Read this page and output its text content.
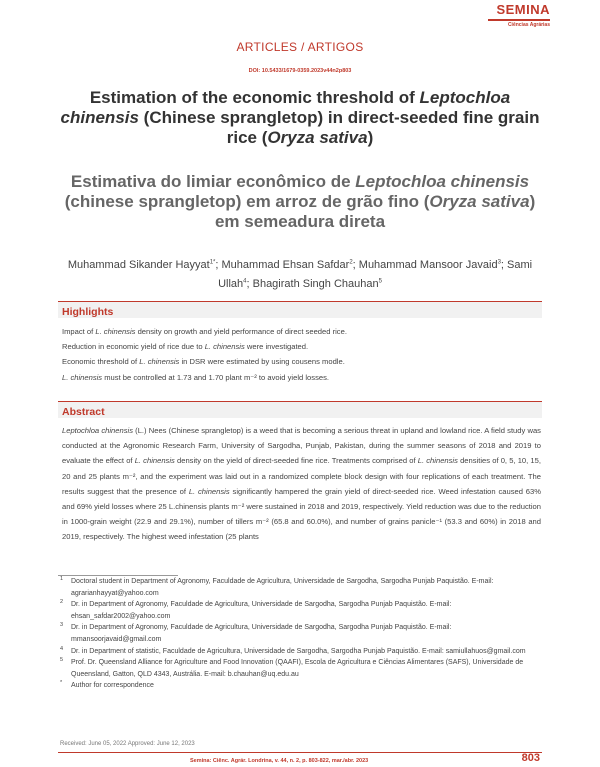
SEMINA
Ciências Agrárias
ARTICLES / ARTIGOS
DOI: 10.5433/1679-0359.2023v44n2p803
Estimation of the economic threshold of Leptochloa chinensis (Chinese sprangletop) in direct-seeded fine grain rice (Oryza sativa)
Estimativa do limiar econômico de Leptochloa chinensis (chinese sprangletop) em arroz de grão fino (Oryza sativa) em semeadura direta
Muhammad Sikander Hayyat$^{1*}$; Muhammad Ehsan Safdar$^2$; Muhammad Mansoor Javaid$^3$; Sami Ullah$^4$; Bhagirath Singh Chauhan$^5$
Highlights
Impact of L. chinensis density on growth and yield performance of direct seeded rice.
Reduction in economic yield of rice due to L. chinensis were investigated.
Economic threshold of L. chinensis in DSR were estimated by using cousens modle.
L. chinensis must be controlled at 1.73 and 1.70 plant m⁻² to avoid yield losses.
Abstract
Leptochloa chinensis (L.) Nees (Chinese sprangletop) is a weed that is becoming a serious threat in upland and lowland rice. A field study was conducted at the Agronomic Research Farm, University of Sargodha, Punjab, Pakistan, during the summer seasons of 2018 and 2019 to evaluate the effect of L. chinensis density on the yield of direct-seeded fine rice. Treatments comprised of L. chinensis densities of 0, 5, 10, 15, 20 and 25 plants m⁻², and the experiment was laid out in a randomized complete block design with four replications of each treatment. The results suggest that the presence of L. chinensis significantly hampered the grain yield of direct-seeded rice. Weed infestation caused 63% and 69% yield losses where 25 L.chinensis plants m⁻² were sustained in 2018 and 2019, respectively. Yield reduction was due to the reduction in 1000-grain weight (22.9 and 29.1%), number of tillers m⁻² (65.8 and 60.0%), and number of grains panicle⁻¹ (53.3 and 60%) in 2018 and 2019, respectively. The highest weed infestation (25 plants
1 Doctoral student in Department of Agronomy, Faculdade de Agricultura, Universidade de Sargodha, Sargodha Punjab Paquistão. E-mail: agrarianhayyat@yahoo.com
2 Dr. in Department of Agronomy, Faculdade de Agricultura, Universidade de Sargodha, Sargodha Punjab Paquistão. E-mail: ehsan_safdar2002@yahoo.com
3 Dr. in Department of Agronomy, Faculdade de Agricultura, Universidade de Sargodha, Sargodha Punjab Paquistão. E-mail: mmansoorjavaid@gmail.com
4 Dr. in Department of statistic, Faculdade de Agricultura, Universidade de Sargodha, Sargodha Punjab Paquistão. E-mail: samiullahuos@gmail.com
5 Prof. Dr. Queensland Alliance for Agriculture and Food Innovation (QAAFI), Escola de Agricultura e Ciências Alimentares (SAFS), Universidade de Queensland, Gatton, QLD 4343, Austrália. E-mail: b.chauhan@uq.edu.au
* Author for correspondence
Received: June 05, 2022 Approved: June 12, 2023
Semina: Ciênc. Agrár. Londrina, v. 44, n. 2, p. 803-822, mar./abr. 2023	803
